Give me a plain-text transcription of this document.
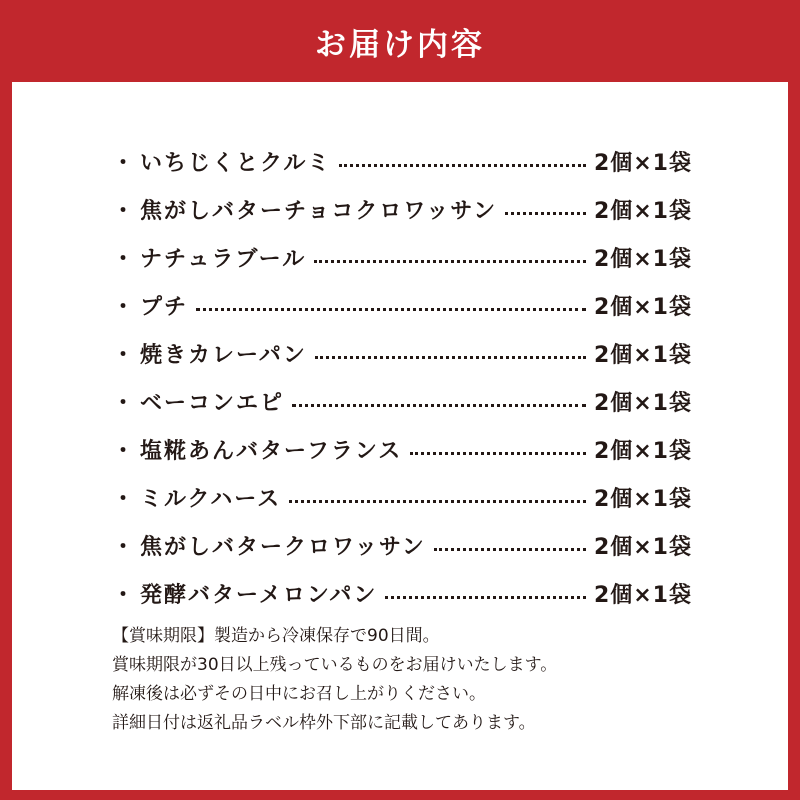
お届け内容
・ いちじくとクルミ	2個×1袋
・ 焦がしバターチョコクロワッサン	2個×1袋
・ ナチュラブール	2個×1袋
・ プチ	2個×1袋
・ 焼きカレーパン	2個×1袋
・ ベーコンエピ	2個×1袋
・ 塩糀あんバターフランス	2個×1袋
・ ミルクハース	2個×1袋
・ 焦がしバタークロワッサン	2個×1袋
・ 発酵バターメロンパン	2個×1袋
【賞味期限】製造から冷凍保存で90日間。
賞味期限が30日以上残っているものをお届けいたします。
解凍後は必ずその日中にお召し上がりください。
詳細日付は返礼品ラベル枠外下部に記載してあります。
